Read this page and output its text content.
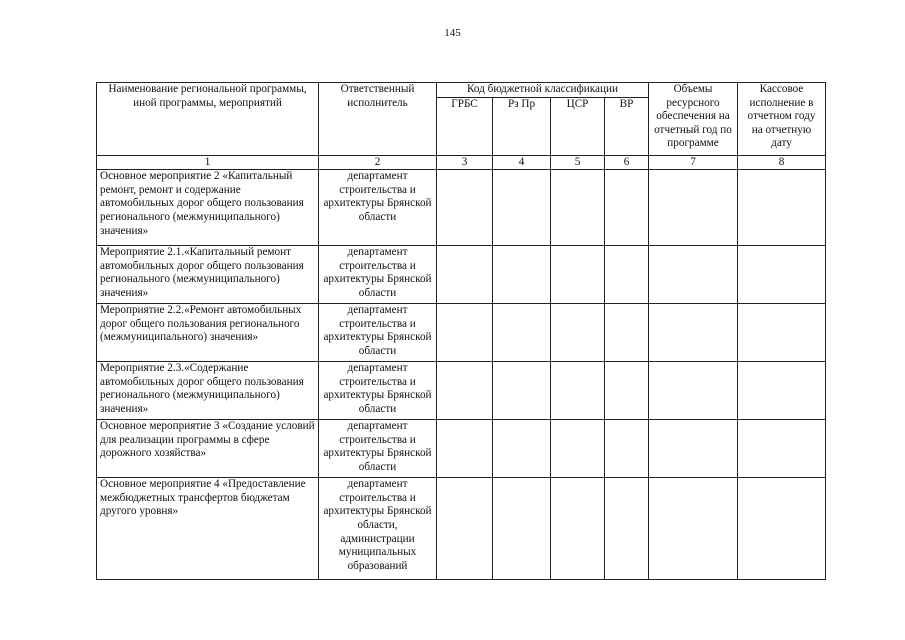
145
Наименование региональной программы, иной программы, мероприятий	Ответственный исполнитель	Код бюджетной классификации				Объемы ресурсного обеспечения на отчетный год по программе	Кассовое исполнение в отчетном году на отчетную дату
		ГРБС	Рз Пр	ЦСР	ВР		
1	2	3	4	5	6	7	8
Основное мероприятие 2 «Капитальный ремонт, ремонт и содержание автомобильных дорог общего пользования регионального (межмуниципального) значения»	департамент строительства и архитектуры Брянской области						
Мероприятие 2.1.«Капитальный ремонт автомобильных дорог общего пользования регионального (межмуниципального) значения»	департамент строительства и архитектуры Брянской области						
Мероприятие 2.2.«Ремонт автомобильных дорог общего пользования регионального (межмуниципального) значения»	департамент строительства и архитектуры Брянской области						
Мероприятие 2.3.«Содержание автомобильных дорог общего пользования регионального (межмуниципального) значения»	департамент строительства и архитектуры Брянской области						
Основное мероприятие 3 «Создание условий для реализации программы в сфере дорожного хозяйства»	департамент строительства и архитектуры Брянской области						
Основное мероприятие 4 «Предоставление межбюджетных трансфертов бюджетам другого уровня»	департамент строительства и архитектуры Брянской области, администрации муниципальных образований						
